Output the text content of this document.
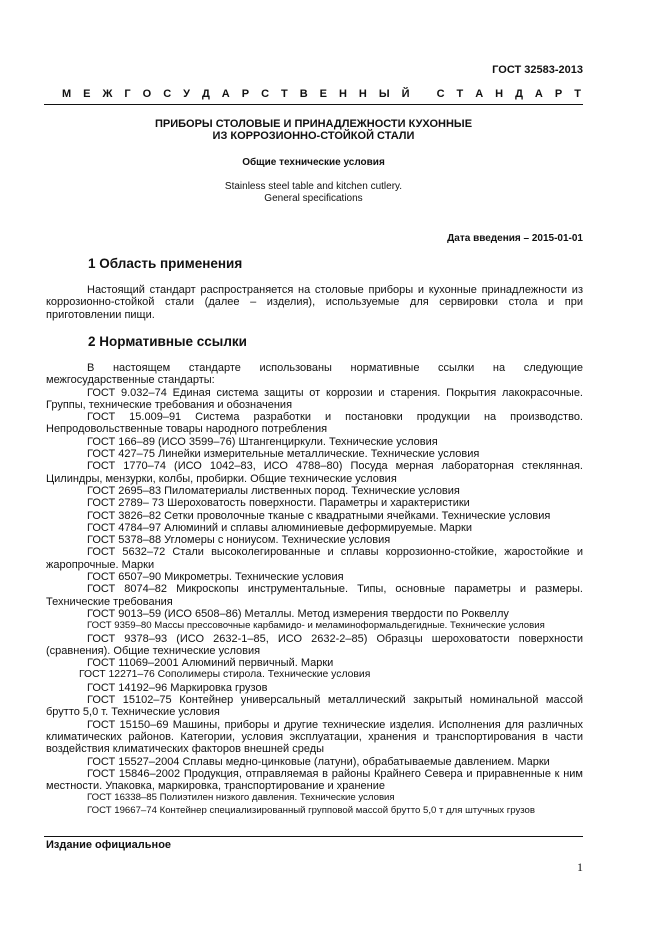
ГОСТ 32583-2013
М Е Ж Г О С У Д А Р С Т В Е Н Н Ы Й
С Т А Н Д А Р Т
ПРИБОРЫ СТОЛОВЫЕ И ПРИНАДЛЕЖНОСТИ КУХОННЫЕ
ИЗ КОРРОЗИОННО-СТОЙКОЙ СТАЛИ
Общие технические условия
Stainless steel table and kitchen cutlery.
General specifications
Дата введения – 2015-01-01
1 Область применения

Настоящий стандарт распространяется на столовые приборы и кухонные принадлежности из коррозионно-стойкой стали (далее – изделия), используемые для сервировки стола и при приготовлении пищи.

2 Нормативные ссылки

В настоящем стандарте использованы нормативные ссылки на следующие межгосударственные стандарты:

ГОСТ 9.032–74 Единая система защиты от коррозии и старения. Покрытия лакокрасочные. Группы, технические требования и обозначения

ГОСТ 15.009–91 Система разработки и постановки продукции на производство. Непродовольственные товары народного потребления

ГОСТ 166–89 (ИСО 3599–76) Штангенциркули. Технические условия

ГОСТ 427–75 Линейки измерительные металлические. Технические условия

ГОСТ 1770–74 (ИСО 1042–83, ИСО 4788–80) Посуда мерная лабораторная стеклянная. Цилиндры, мензурки, колбы, пробирки. Общие технические условия

ГОСТ 2695–83 Пиломатериалы лиственных пород. Технические условия

ГОСТ 2789– 73 Шероховатость поверхности. Параметры и характеристики

ГОСТ 3826–82 Сетки проволочные тканые с квадратными ячейками. Технические условия

ГОСТ 4784–97 Алюминий и сплавы алюминиевые деформируемые. Марки

ГОСТ 5378–88 Угломеры с нониусом. Технические условия

ГОСТ 5632–72 Стали высоколегированные и сплавы коррозионно-стойкие, жаростойкие и жаропрочные. Марки

ГОСТ 6507–90 Микрометры. Технические условия

ГОСТ 8074–82 Микроскопы инструментальные. Типы, основные параметры и размеры. Технические требования

ГОСТ 9013–59 (ИСО 6508–86) Металлы. Метод измерения твердости по Роквеллу

ГОСТ 9359–80 Массы прессовочные карбамидо- и меламиноформальдегидные. Технические условия

ГОСТ 9378–93 (ИСО 2632-1–85, ИСО 2632-2–85) Образцы шероховатости поверхности (сравнения). Общие технические условия

ГОСТ 11069–2001 Алюминий первичный. Марки

ГОСТ 12271–76 Сополимеры стирола. Технические условия

ГОСТ 14192–96 Маркировка грузов

ГОСТ 15102–75 Контейнер универсальный металлический закрытый номинальной массой брутто 5,0 т. Технические условия

ГОСТ 15150–69 Машины, приборы и другие технические изделия. Исполнения для различных климатических районов. Категории, условия эксплуатации, хранения и транспортирования в части воздействия климатических факторов внешней среды

ГОСТ 15527–2004 Сплавы медно-цинковые (латуни), обрабатываемые давлением. Марки

ГОСТ 15846–2002 Продукция, отправляемая в районы Крайнего Севера и приравненные к ним местности. Упаковка, маркировка, транспортирование и хранение

ГОСТ 16338–85 Полиэтилен низкого давления. Технические условия

ГОСТ 19667–74 Контейнер специализированный групповой массой брутто 5,0 т для штучных грузов

Издание официальное
1
